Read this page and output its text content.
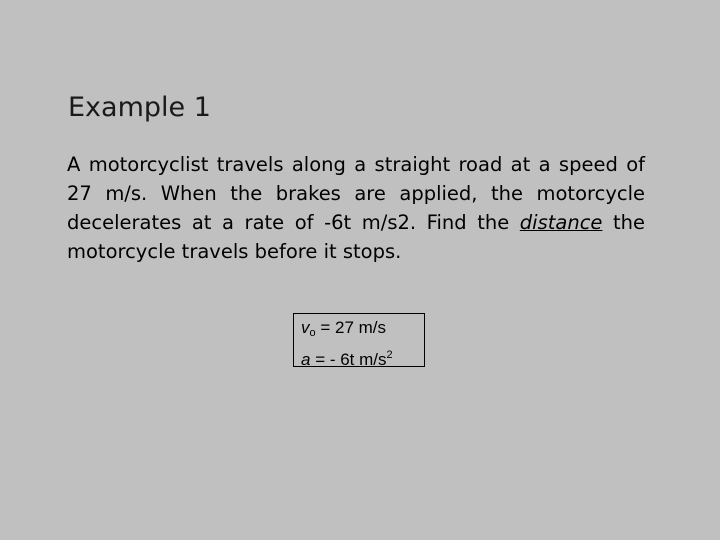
Example 1
A motorcyclist travels along a straight road at a speed of 27 m/s. When the brakes are applied, the motorcycle decelerates at a rate of -6t m/s2. Find the distance the motorcycle travels before it stops.
$v_o = 27$ m/s
a = - 6t $m/s^2$
